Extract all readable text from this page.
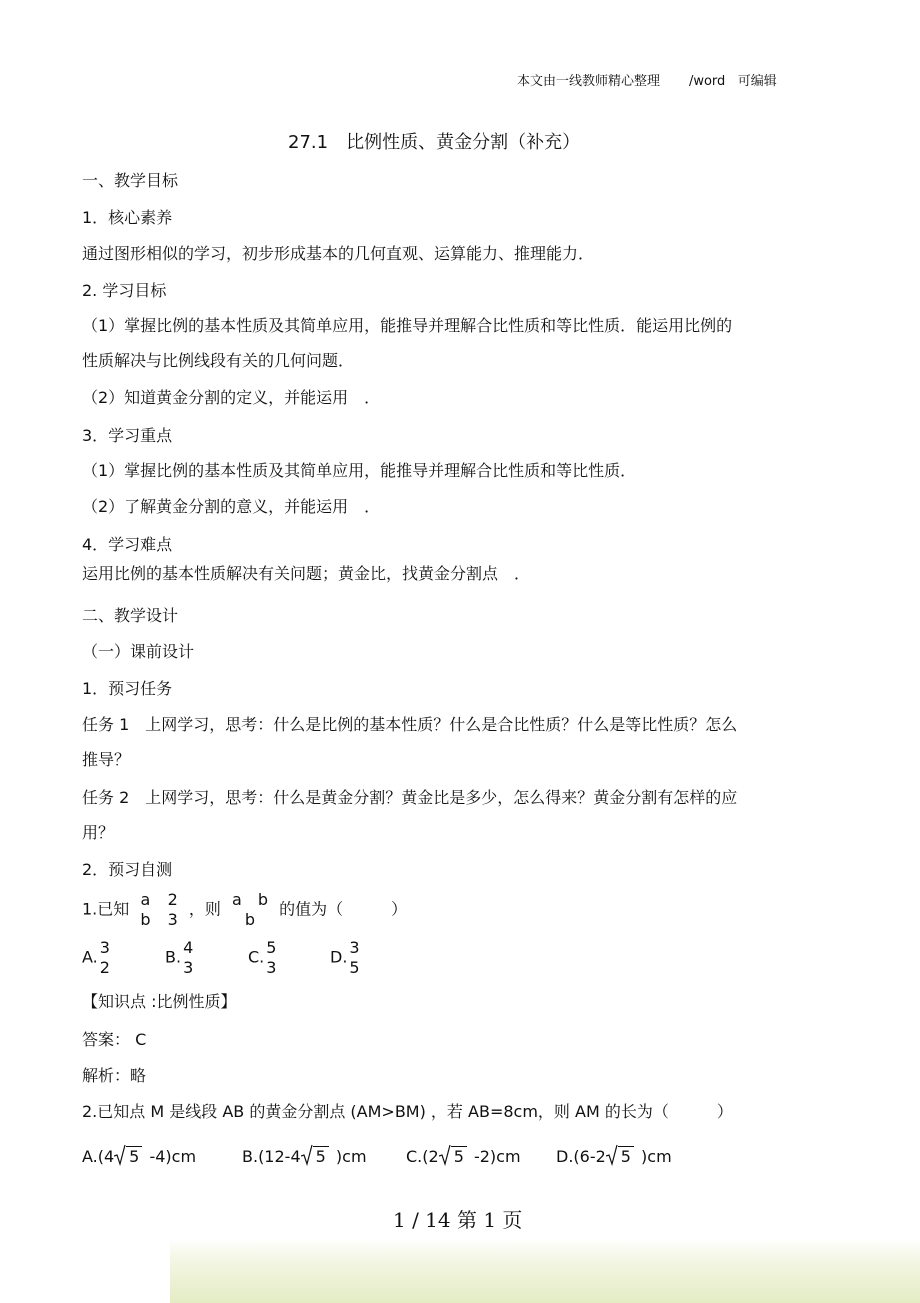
本文由一线教师精心整理 /word 可编辑
27.1　比例性质、黄金分割（补充）
一、教学目标
1．核心素养
通过图形相似的学习，初步形成基本的几何直观、运算能力、推理能力．
2. 学习目标
（1）掌握比例的基本性质及其简单应用，能推导并理解合比性质和等比性质．能运用比例的
性质解决与比例线段有关的几何问题．
（2）知道黄金分割的定义，并能运用　．
3．学习重点
（1）掌握比例的基本性质及其简单应用，能推导并理解合比性质和等比性质．
（2）了解黄金分割的意义，并能运用　．
4．学习难点
运用比例的基本性质解决有关问题；黄金比，找黄金分割点　．
二、教学设计
（一）课前设计
1．预习任务
任务 1　上网学习，思考：什么是比例的基本性质？什么是合比性质？什么是等比性质？怎么
推导？
任务 2　上网学习，思考：什么是黄金分割？黄金比是多少，怎么得来？黄金分割有怎样的应
用？
2．预习自测
1.已知 a
b

2
3
，则 a　b
b
的值为（　　　）
A. 3
2
B. 4
3
C. 5
3
D. 3
5
【知识点 :比例性质】
答案： C
解析：略
2.已知点 M 是线段 AB 的黄金分割点 (AM>BM) ，若 AB=8cm，则 AM 的长为（　　　）
A.(4 5 -4)cm	B.(12-4 5 )cm C.(2 5 -2)cm D.(6-2 5 )cm
1 / 14 第 1 页
